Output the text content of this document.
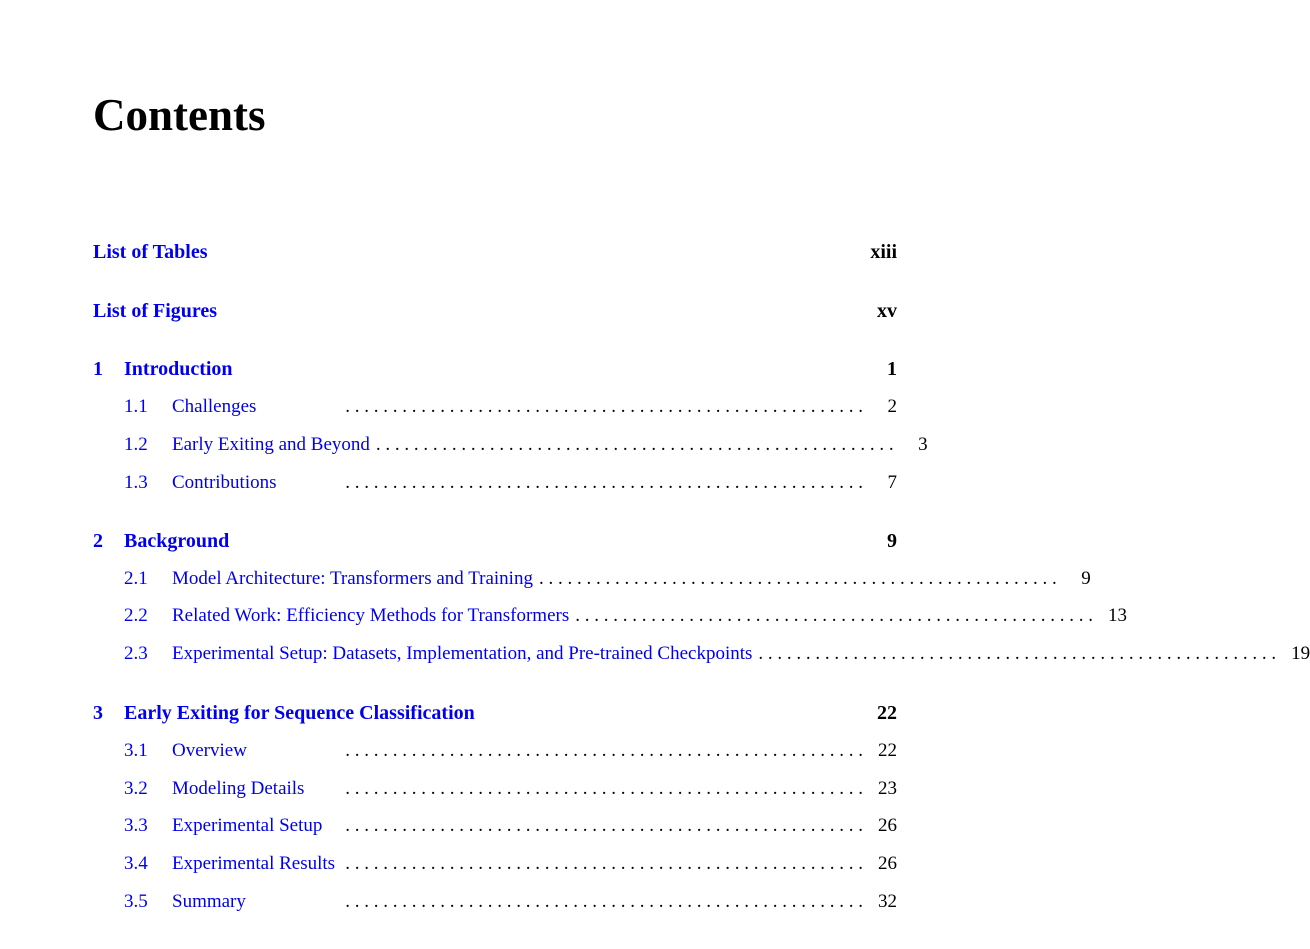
Contents
List of Tables	xiii
List of Figures	xv
1	Introduction	1
1.1	Challenges	. . . . . . . . . . . . . . . . . . . . . . . . . . . . . . . . . . . . . . . . . . . . . . . . . . . . . . .	2
1.2	Early Exiting and Beyond . . . . . . . . . . . . . . . . . . . . . . . . . . . . . . . . . . . . . . . . . . . . . . . . . . . . . . .	3
1.3	Contributions	. . . . . . . . . . . . . . . . . . . . . . . . . . . . . . . . . . . . . . . . . . . . . . . . . . . . . . .	7
2	Background	9
2.1	Model Architecture: Transformers and Training . . . . . . . . . . . . . . . . . . . . . . . . . . . . . . . . . . . . . . . . . . . . . . . . . . . . . . .	9
2.2	Related Work: Efficiency Methods for Transformers . . . . . . . . . . . . . . . . . . . . . . . . . . . . . . . . . . . . . . . . . . . . . . . . . . . . . . . 13
2.3	Experimental Setup: Datasets, Implementation, and Pre-trained Checkpoints . . . . . . . . . . . . . . . . . . . . . . . . . . . . . . . . . . . . . . . . . . . . . . . . . . . . . . . 19
3	Early Exiting for Sequence Classification	22
3.1	Overview	. . . . . . . . . . . . . . . . . . . . . . . . . . . . . . . . . . . . . . . . . . . . . . . . . . . . . . . 22
3.2	Modeling Details	. . . . . . . . . . . . . . . . . . . . . . . . . . . . . . . . . . . . . . . . . . . . . . . . . . . . . . . 23
3.3	Experimental Setup	. . . . . . . . . . . . . . . . . . . . . . . . . . . . . . . . . . . . . . . . . . . . . . . . . . . . . . . 26
3.4	Experimental Results . . . . . . . . . . . . . . . . . . . . . . . . . . . . . . . . . . . . . . . . . . . . . . . . . . . . . . . 26
3.5	Summary	. . . . . . . . . . . . . . . . . . . . . . . . . . . . . . . . . . . . . . . . . . . . . . . . . . . . . . . 32
